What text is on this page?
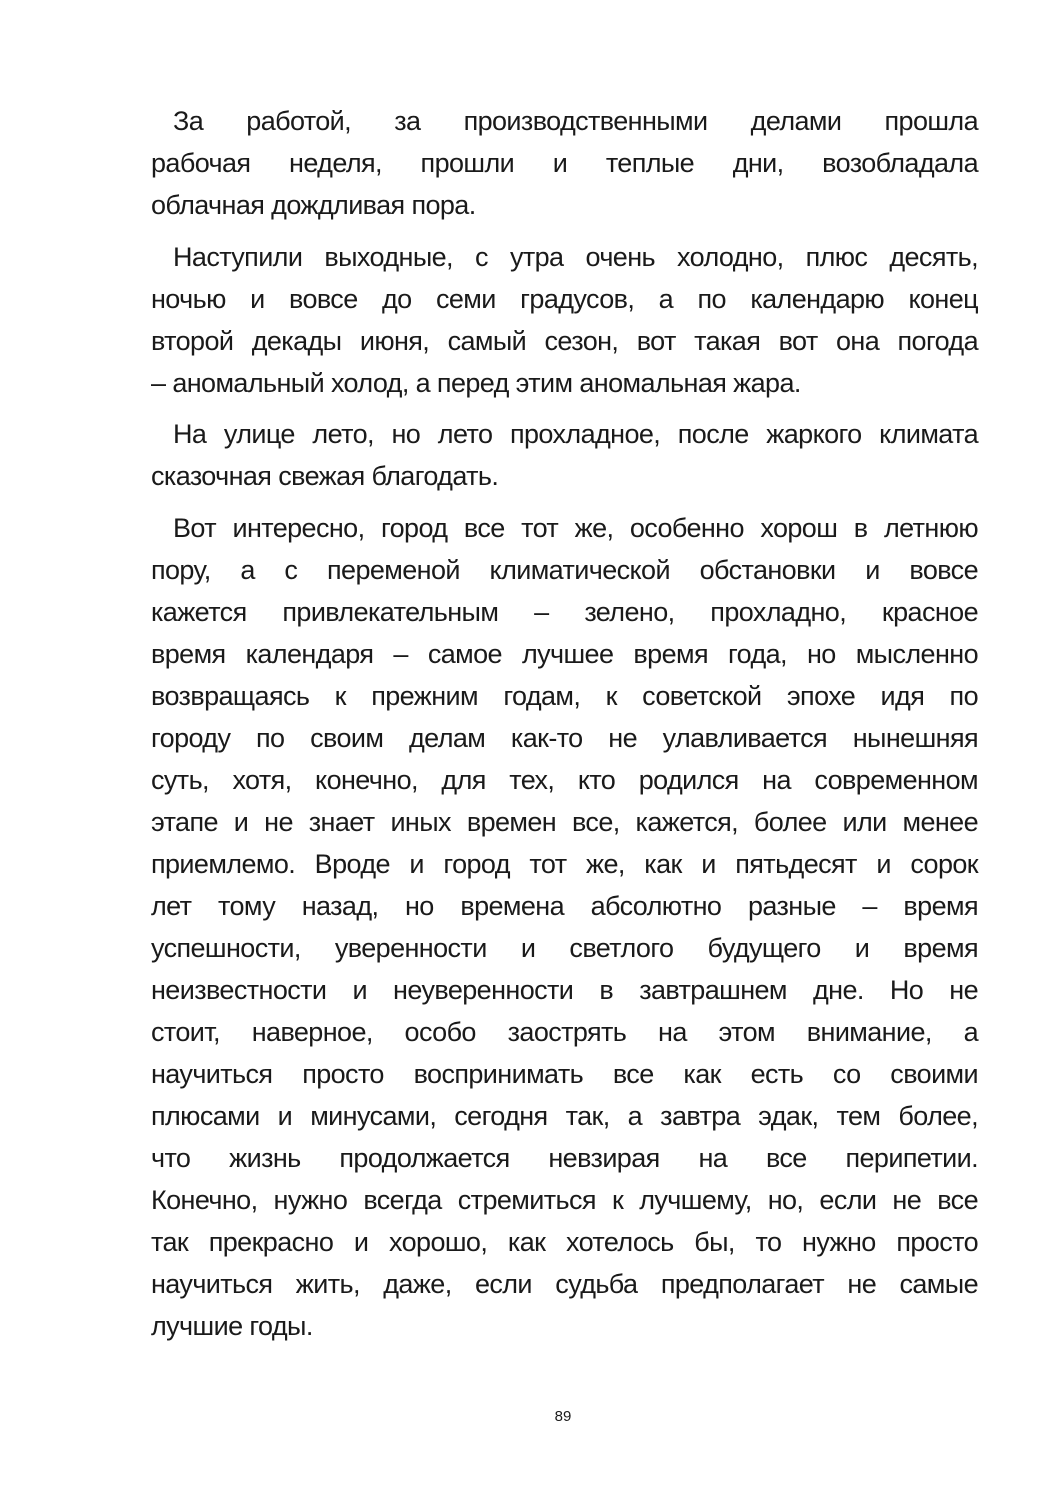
За работой, за производственными делами прошла
рабочая неделя, прошли и теплые дни, возобладала
облачная дождливая пора.
Наступили выходные, с утра очень холодно, плюс десять,
ночью и вовсе до семи градусов, а по календарю конец
второй декады июня, самый сезон, вот такая вот она погода
– аномальный холод, а перед этим аномальная жара.
На улице лето, но лето прохладное, после жаркого климата
сказочная свежая благодать.
Вот интересно, город все тот же, особенно хорош в летнюю
пору, а с переменой климатической обстановки и вовсе
кажется привлекательным – зелено, прохладно, красное
время календаря – самое лучшее время года, но мысленно
возвращаясь к прежним годам, к советской эпохе идя по
городу по своим делам как-то не улавливается нынешняя
суть, хотя, конечно, для тех, кто родился на современном
этапе и не знает иных времен все, кажется, более или менее
приемлемо. Вроде и город тот же, как и пятьдесят и сорок
лет тому назад, но времена абсолютно разные – время
успешности, уверенности и светлого будущего и время
неизвестности и неуверенности в завтрашнем дне. Но не
стоит, наверное, особо заострять на этом внимание, а
научиться просто воспринимать все как есть со своими
плюсами и минусами, сегодня так, а завтра эдак, тем более,
что жизнь продолжается невзирая на все перипетии.
Конечно, нужно всегда стремиться к лучшему, но, если не все
так прекрасно и хорошо, как хотелось бы, то нужно просто
научиться жить, даже, если судьба предполагает не самые
лучшие годы.
89
